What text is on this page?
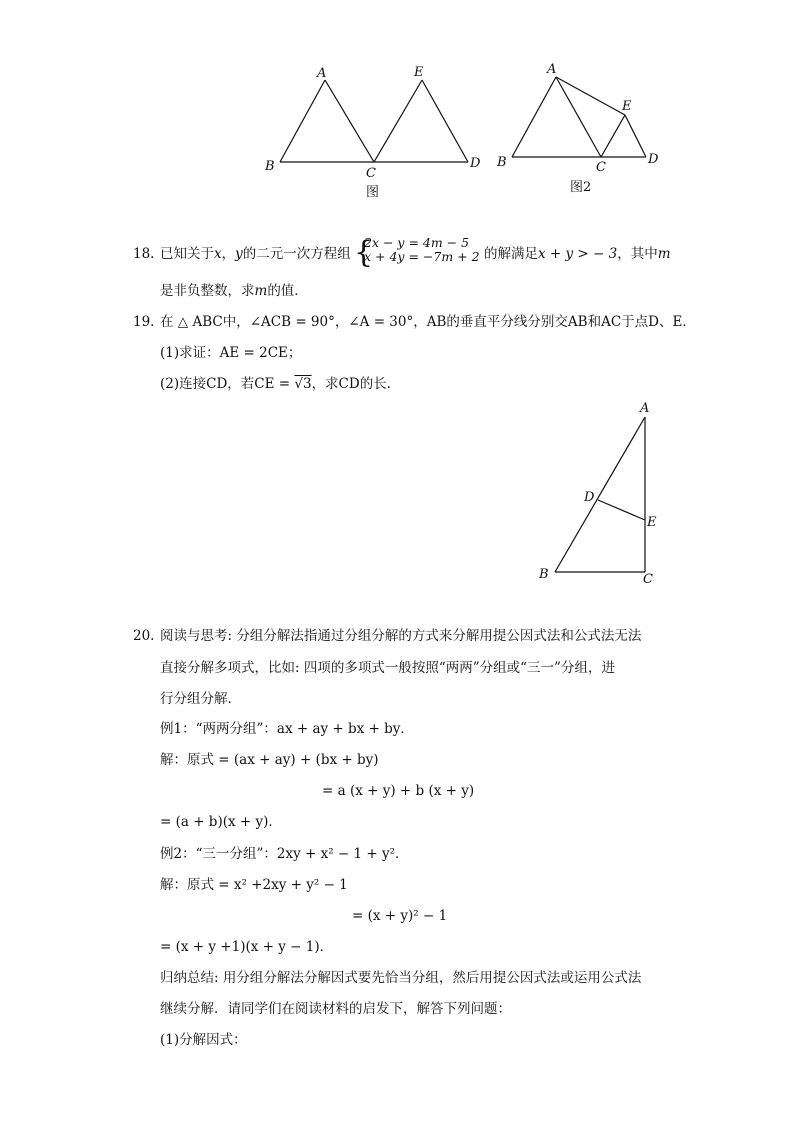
A
B	C
D
E
图
A
B	C
D
E
图2
18. 已知关于x，y的二元一次方程组 {
2x − y = 4m − 5
x + 4y = −7m + 2 的解满足x + y > − 3，其中m
是非负整数，求m的值．
19. 在 △ ABC中，∠ACB = 90°，∠A = 30°，AB的垂直平分线分别交AB和AC于点D、E．
(1)求证：AE = 2CE；
(2)连接CD，若CE = √3，求CD的长．
A
B	C
D
E
20. 阅读与思考: 分组分解法指通过分组分解的方式来分解用提公因式法和公式法无法
直接分解多项式，比如: 四项的多项式一般按照“两两”分组或“三一”分组，进
行分组分解．
例1：“两两分组”：ax + ay + bx + by．
解：原式 = (ax + ay) + (bx + by)
= a (x + y) + b (x + y)
= (a + b)(x + y)．
例2：“三一分组”：2xy + x² − 1 + y²．
解：原式 = x² +2xy + y² − 1
= (x + y)² − 1
= (x + y +1)(x + y − 1)．
归纳总结: 用分组分解法分解因式要先恰当分组，然后用提公因式法或运用公式法
继续分解．请同学们在阅读材料的启发下，解答下列问题：
(1)分解因式：
